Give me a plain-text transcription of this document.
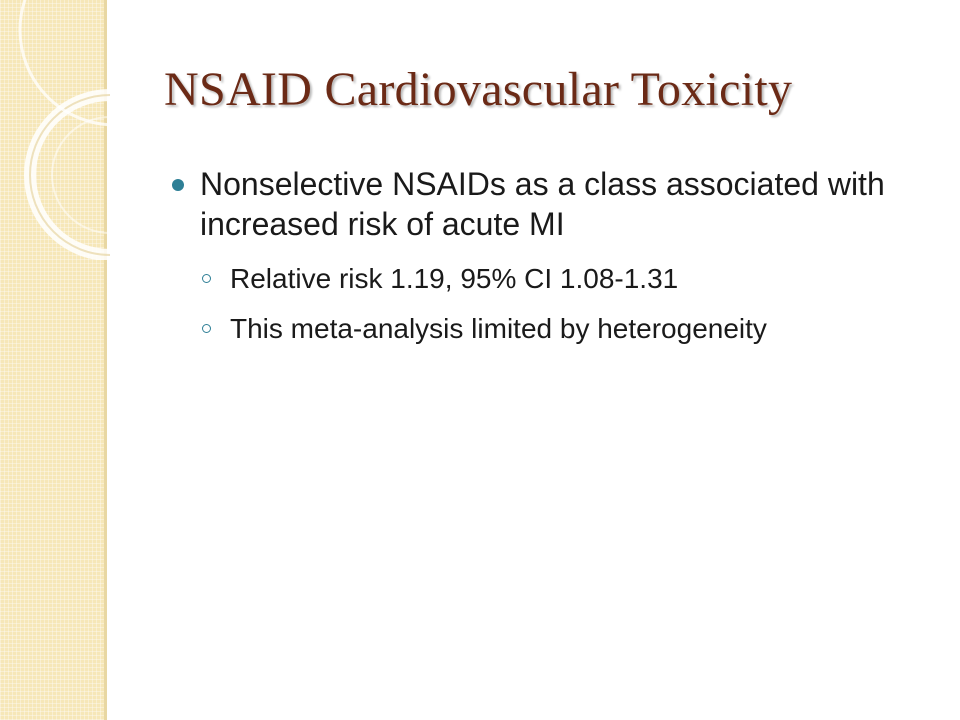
NSAID Cardiovascular Toxicity
Nonselective NSAIDs as a class associated with increased risk of acute MI
Relative risk 1.19, 95% CI 1.08-1.31
This meta-analysis limited by heterogeneity
